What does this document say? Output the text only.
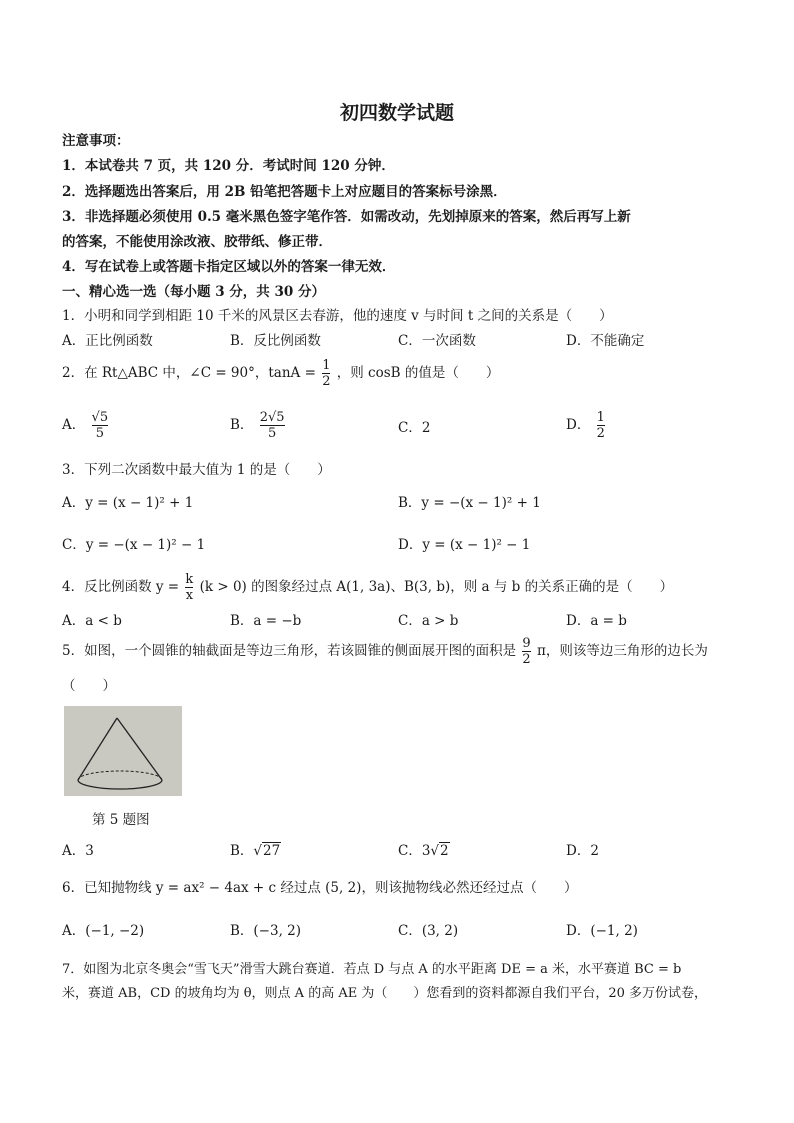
初四数学试题
注意事项：
1．本试卷共 7 页，共 120 分．考试时间 120 分钟．
2．选择题选出答案后，用 2B 铅笔把答题卡上对应题目的答案标号涂黑．
3．非选择题必须使用 0.5 毫米黑色签字笔作答．如需改动，先划掉原来的答案，然后再写上新
的答案，不能使用涂改液、胶带纸、修正带．
4．写在试卷上或答题卡指定区域以外的答案一律无效．
一、精心选一选（每小题 3 分，共 30 分）
1．小明和同学到相距 10 千米的风景区去春游，他的速度 v 与时间 t 之间的关系是（　　）
A．正比例函数	B．反比例函数	C．一次函数	D．不能确定
2．在 Rt△ABC 中，∠C = 90°，$\tan A = \frac{1}{2}$ ，则 cosB 的值是（　　）
A． $\frac{√5}{5}$	B． $\frac{2√5}{5}$	C．2	D． $\frac{1}{2}$
3．下列二次函数中最大值为 1 的是（　　）
A．y = (x − 1)² + 1	B．y = −(x − 1)² + 1
C．y = −(x − 1)² − 1	D．y = (x − 1)² − 1
4．反比例函数 $y = \frac{k}{x} (k > 0)$ 的图象经过点 A(1, 3a)、B(3, b)，则 a 与 b 的关系正确的是（　　）
A．a < b	B．a = −b	C．a > b	D．a = b
5．如图，一个圆锥的轴截面是等边三角形，若该圆锥的侧面展开图的面积是 $\frac{9}{2}$ π，则该等边三角形的边长为
（　　）
第 5 题图
A．3	B．√27	C．3√2	D．2
6．已知抛物线 y = ax² − 4ax + c 经过点 (5, 2)，则该抛物线必然还经过点（　　）
A．(−1, −2)	B．(−3, 2)	C．(3, 2)	D．(−1, 2)
7．如图为北京冬奥会“雪飞天”滑雪大跳台赛道．若点 D 与点 A 的水平距离 DE = a 米，水平赛道 BC = b
米，赛道 AB，CD 的坡角均为 θ，则点 A 的高 AE 为（　　）您看到的资料都源自我们平台，20 多万份试卷，
